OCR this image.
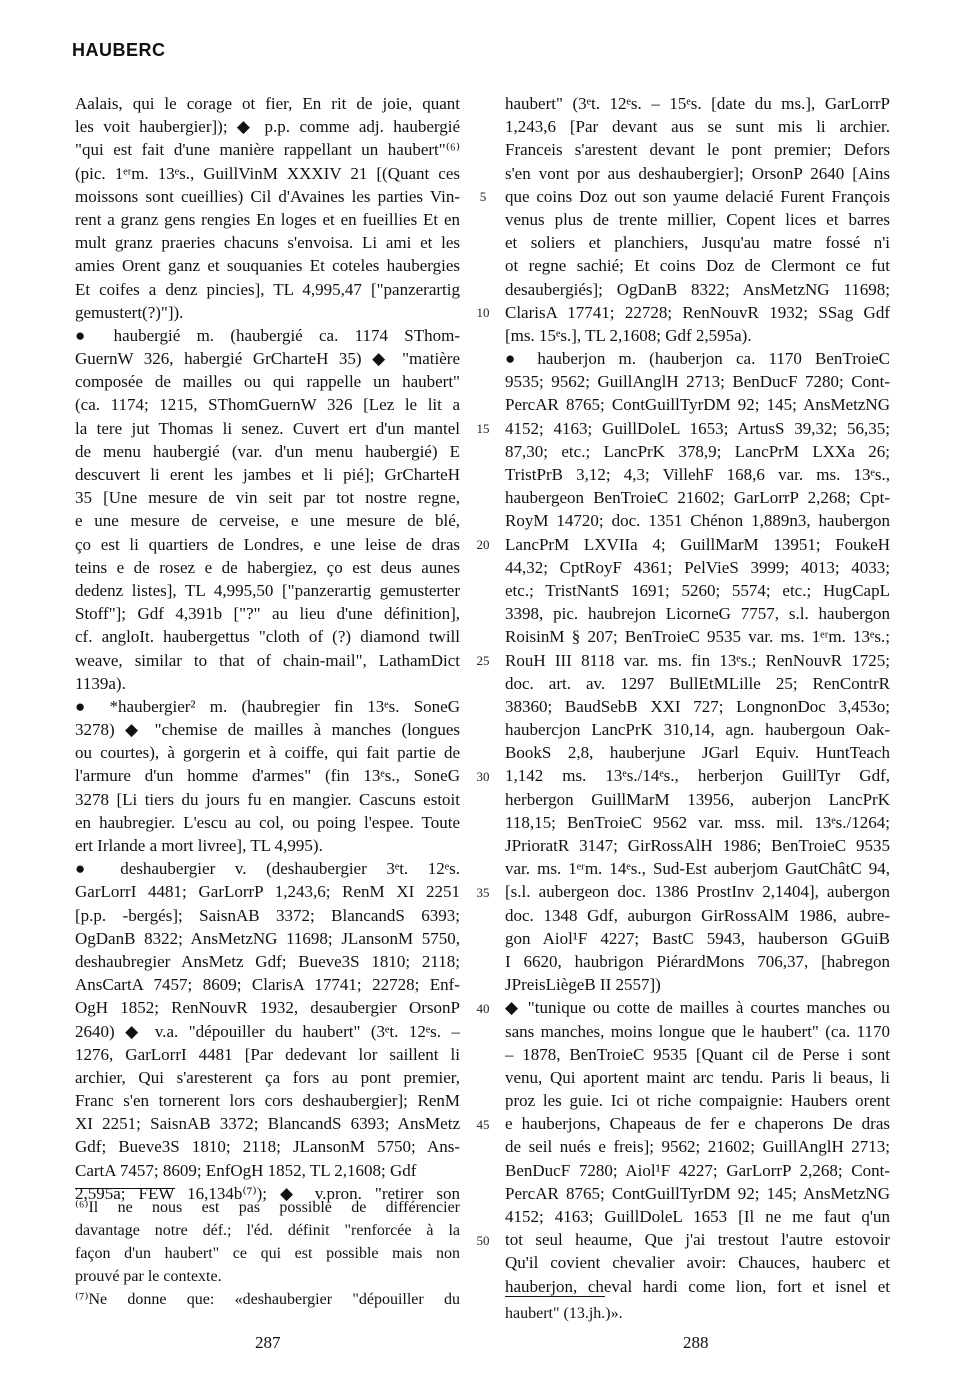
HAUBERC
Aalais, qui le corage ot fier, En rit de joie, quant
les voit haubergier]); ◆ p.p. comme adj. haubergié
"qui est fait d'une manière rappellant un haubert"⁽⁶⁾
(pic. 1ᵉʳm. 13ᵉs., GuillVinM XXXIV 21 [(Quant ces
moissons sont cueillies) Cil d'Avaines les parties Vin-
rent a granz gens rengies En loges et en fueillies Et en
mult granz praeries chacuns s'envoisa. Li ami et les
amies Orent ganz et souquanies Et coteles haubergies
Et coifes a denz pincies], TL 4,995,47 ["panzerartig
gemustert(?)"]).
● haubergié m. (haubergié ca. 1174 SThom-
GuernW 326, habergié GrCharteH 35) ◆ "matière
composée de mailles ou qui rappelle un haubert"
(ca. 1174; 1215, SThomGuernW 326 [Lez le lit a
la tere jut Thomas li senez. Cuvert ert d'un mantel
de menu haubergié (var. d'un menu haubergié) E
descuvert li erent les jambes et li pié]; GrCharteH
35 [Une mesure de vin seit par tot nostre regne,
e une mesure de cerveise, e une mesure de blé,
ço est li quartiers de Londres, e une leise de dras
teins e de rosez e de habergiez, ço est deus aunes
dedenz listes], TL 4,995,50 ["panzerartig gemusterter
Stoff"]; Gdf 4,391b ["?" au lieu d'une définition],
cf. angloIt. haubergettus "cloth of (?) diamond twill
weave, similar to that of chain-mail", LathamDict
1139a).
● *haubergier² m. (haubregier fin 13ᵉs. SoneG
3278) ◆ "chemise de mailles à manches (longues
ou courtes), à gorgerin et à coiffe, qui fait partie de
l'armure d'un homme d'armes" (fin 13ᵉs., SoneG
3278 [Li tiers du jours fu en mangier. Cascuns estoit
en haubregier. L'escu au col, ou poing l'espee. Toute
ert Irlande a mort livree], TL 4,995).
● deshaubergier v. (deshaubergier 3ᵉt. 12ᵉs.
GarLorrI 4481; GarLorrP 1,243,6; RenM XI 2251
[p.p. -bergés]; SaisnAB 3372; BlancandS 6393;
OgDanB 8322; AnsMetzNG 11698; JLansonM 5750,
deshaubregier AnsMetz Gdf; Bueve3S 1810; 2118;
AnsCartA 7457; 8609; ClarisA 17741; 22728; Enf-
OgH 1852; RenNouvR 1932, desaubergier OrsonP
2640) ◆ v.a. "dépouiller du haubert" (3ᵉt. 12ᵉs. –
1276, GarLorrI 4481 [Par dedevant lor saillent li
archier, Qui s'aresterent ça fors au pont premier,
Franc s'en tornerent lors cors deshaubergier]; RenM
XI 2251; SaisnAB 3372; BlancandS 6393; AnsMetz
Gdf; Bueve3S 1810; 2118; JLansonM 5750; Ans-
CartA 7457; 8609; EnfOgH 1852, TL 2,1608; Gdf
2,595a; FEW 16,134b⁽⁷⁾); ◆ v.pron. "retirer son
haubert" (3ᵉt. 12ᵉs. – 15ᵉs. [date du ms.], GarLorrP
1,243,6 [Par devant aus se sunt mis li archier.
Franceis s'arestent devant le pont premier; Defors
s'en vont por aus deshaubergier]; OrsonP 2640 [Ains
que coins Doz out son yaume delacié Furent François
venus plus de trente millier, Copent lices et barres
et soliers et planchiers, Jusqu'au matre fossé n'i
ot regne sachié; Et coins Doz de Clermont ce fut
desaubergiés]; OgDanB 8322; AnsMetzNG 11698;
ClarisA 17741; 22728; RenNouvR 1932; SSag Gdf
[ms. 15ᵉs.], TL 2,1608; Gdf 2,595a).
● hauberjon m. (hauberjon ca. 1170 BenTroieC
9535; 9562; GuillAnglH 2713; BenDucF 7280; Cont-
PercAR 8765; ContGuillTyrDM 92; 145; AnsMetzNG
4152; 4163; GuillDoleL 1653; ArtusS 39,32; 56,35;
87,30; etc.; LancPrK 378,9; LancPrM LXXa 26;
TristPrB 3,12; 4,3; VillehF 168,6 var. ms. 13ᵉs.,
haubergeon BenTroieC 21602; GarLorrP 2,268; Cpt-
RoyM 14720; doc. 1351 Chénon 1,889n3, haubergon
LancPrM LXVIIa 4; GuillMarM 13951; FoukeH
44,32; CptRoyF 4361; PelVieS 3999; 4013; 4033;
etc.; TristNantS 1691; 5260; 5574; etc.; HugCapL
3398, pic. haubrejon LicorneG 7757, s.l. haubergon
RoisinM § 207; BenTroieC 9535 var. ms. 1ᵉʳm. 13ᵉs.;
RouH III 8118 var. ms. fin 13ᵉs.; RenNouvR 1725;
doc. art. av. 1297 BullEtMLille 25; RenContrR
38360; BaudSebB XXI 727; LongnonDoc 3,453o;
haubercjon LancPrK 310,14, agn. haubergoun Oak-
BookS 2,8, hauberjune JGarl Equiv. HuntTeach
1,142 ms. 13ᵉs./14ᵉs., herberjon GuillTyr Gdf,
herbergon GuillMarM 13956, auberjon LancPrK
118,15; BenTroieC 9562 var. mss. mil. 13ᵉs./1264;
JPrioratR 3147; GirRossAlH 1986; BenTroieC 9535
var. ms. 1ᵉʳm. 14ᵉs., Sud-Est auberjom GautChâtC 94,
[s.l. aubergeon doc. 1386 ProstInv 2,1404], aubergon
doc. 1348 Gdf, auburgon GirRossAlM 1986, aubre-
gon Aiol¹F 4227; BastC 5943, hauberson GGuiB
I 6620, haubrigon PiérardMons 706,37, [habregon
JPreisLiègeB II 2557])
◆ "tunique ou cotte de mailles à courtes manches ou
sans manches, moins longue que le haubert" (ca. 1170
– 1878, BenTroieC 9535 [Quant cil de Perse i sont
venu, Qui aportent maint arc tendu. Paris li beaus, li
proz les guie. Ici ot riche compaignie: Haubers orent
e hauberjons, Chapeaus de fer e chaperons De dras
de seil nués e freis]; 9562; 21602; GuillAnglH 2713;
BenDucF 7280; Aiol¹F 4227; GarLorrP 2,268; Cont-
PercAR 8765; ContGuillTyrDM 92; 145; AnsMetzNG
4152; 4163; GuillDoleL 1653 [Il ne me faut q'un
tot seul heaume, Que j'ai trestout l'autre estovoir
Qu'il covient chevalier avoir: Chauces, hauberc et
hauberjon, cheval hardi come lion, fort et isnel et
⁽⁶⁾Il ne nous est pas possible de différencier
davantage notre déf.; l'éd. définit "renforcée à la
façon d'un haubert" ce qui est possible mais non
prouvé par le contexte.
⁽⁷⁾Ne donne que: «deshaubergier "dépouiller du
haubert" (13.jh.)».
5
10
15
20
25
30
35
40
45
50
287	288
